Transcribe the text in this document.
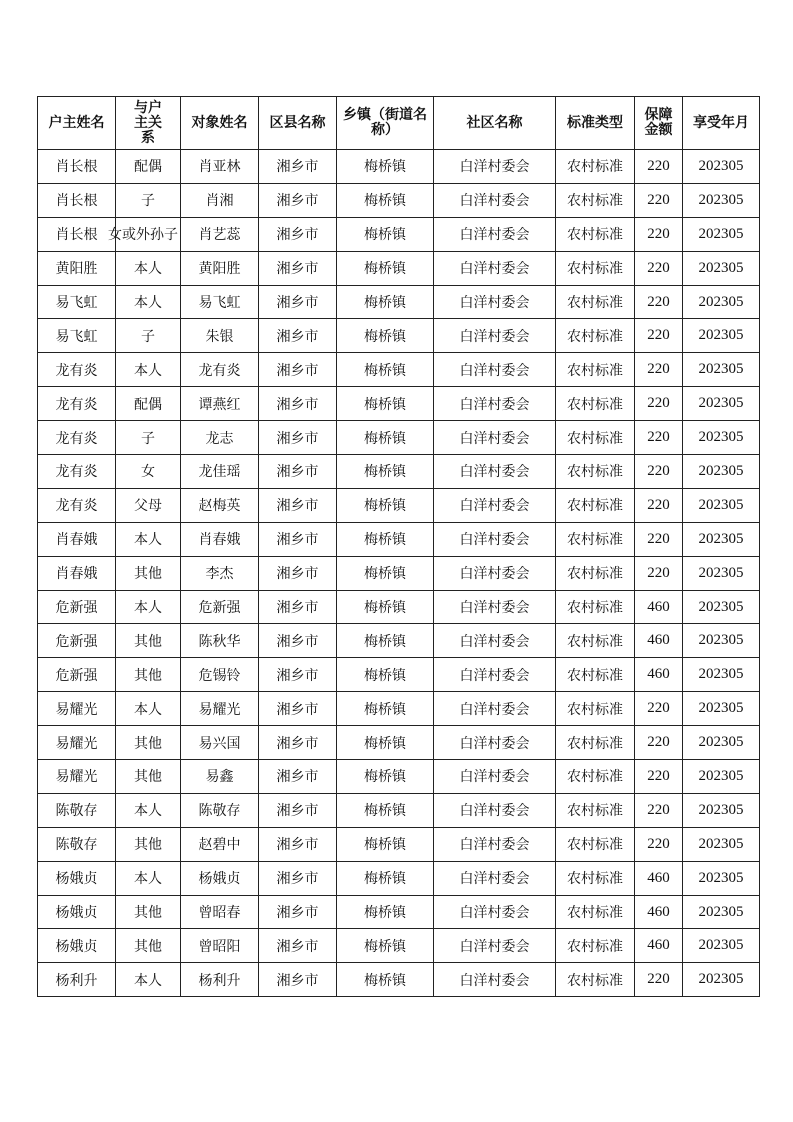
户主姓名	与户主关系	对象姓名	区县名称	乡镇（街道名称）	社区名称	标准类型	保障金额	享受年月
肖长根	配偶	肖亚林	湘乡市	梅桥镇	白洋村委会	农村标准	220	202305
肖长根	子	肖湘	湘乡市	梅桥镇	白洋村委会	农村标准	220	202305
肖长根	女或外孙子	肖艺蕊	湘乡市	梅桥镇	白洋村委会	农村标准	220	202305
黄阳胜	本人	黄阳胜	湘乡市	梅桥镇	白洋村委会	农村标准	220	202305
易飞虹	本人	易飞虹	湘乡市	梅桥镇	白洋村委会	农村标准	220	202305
易飞虹	子	朱银	湘乡市	梅桥镇	白洋村委会	农村标准	220	202305
龙有炎	本人	龙有炎	湘乡市	梅桥镇	白洋村委会	农村标准	220	202305
龙有炎	配偶	谭燕红	湘乡市	梅桥镇	白洋村委会	农村标准	220	202305
龙有炎	子	龙志	湘乡市	梅桥镇	白洋村委会	农村标准	220	202305
龙有炎	女	龙佳瑶	湘乡市	梅桥镇	白洋村委会	农村标准	220	202305
龙有炎	父母	赵梅英	湘乡市	梅桥镇	白洋村委会	农村标准	220	202305
肖春娥	本人	肖春娥	湘乡市	梅桥镇	白洋村委会	农村标准	220	202305
肖春娥	其他	李杰	湘乡市	梅桥镇	白洋村委会	农村标准	220	202305
危新强	本人	危新强	湘乡市	梅桥镇	白洋村委会	农村标准	460	202305
危新强	其他	陈秋华	湘乡市	梅桥镇	白洋村委会	农村标准	460	202305
危新强	其他	危锡铃	湘乡市	梅桥镇	白洋村委会	农村标准	460	202305
易耀光	本人	易耀光	湘乡市	梅桥镇	白洋村委会	农村标准	220	202305
易耀光	其他	易兴国	湘乡市	梅桥镇	白洋村委会	农村标准	220	202305
易耀光	其他	易鑫	湘乡市	梅桥镇	白洋村委会	农村标准	220	202305
陈敬存	本人	陈敬存	湘乡市	梅桥镇	白洋村委会	农村标准	220	202305
陈敬存	其他	赵碧中	湘乡市	梅桥镇	白洋村委会	农村标准	220	202305
杨娥贞	本人	杨娥贞	湘乡市	梅桥镇	白洋村委会	农村标准	460	202305
杨娥贞	其他	曾昭春	湘乡市	梅桥镇	白洋村委会	农村标准	460	202305
杨娥贞	其他	曾昭阳	湘乡市	梅桥镇	白洋村委会	农村标准	460	202305
杨利升	本人	杨利升	湘乡市	梅桥镇	白洋村委会	农村标准	220	202305
